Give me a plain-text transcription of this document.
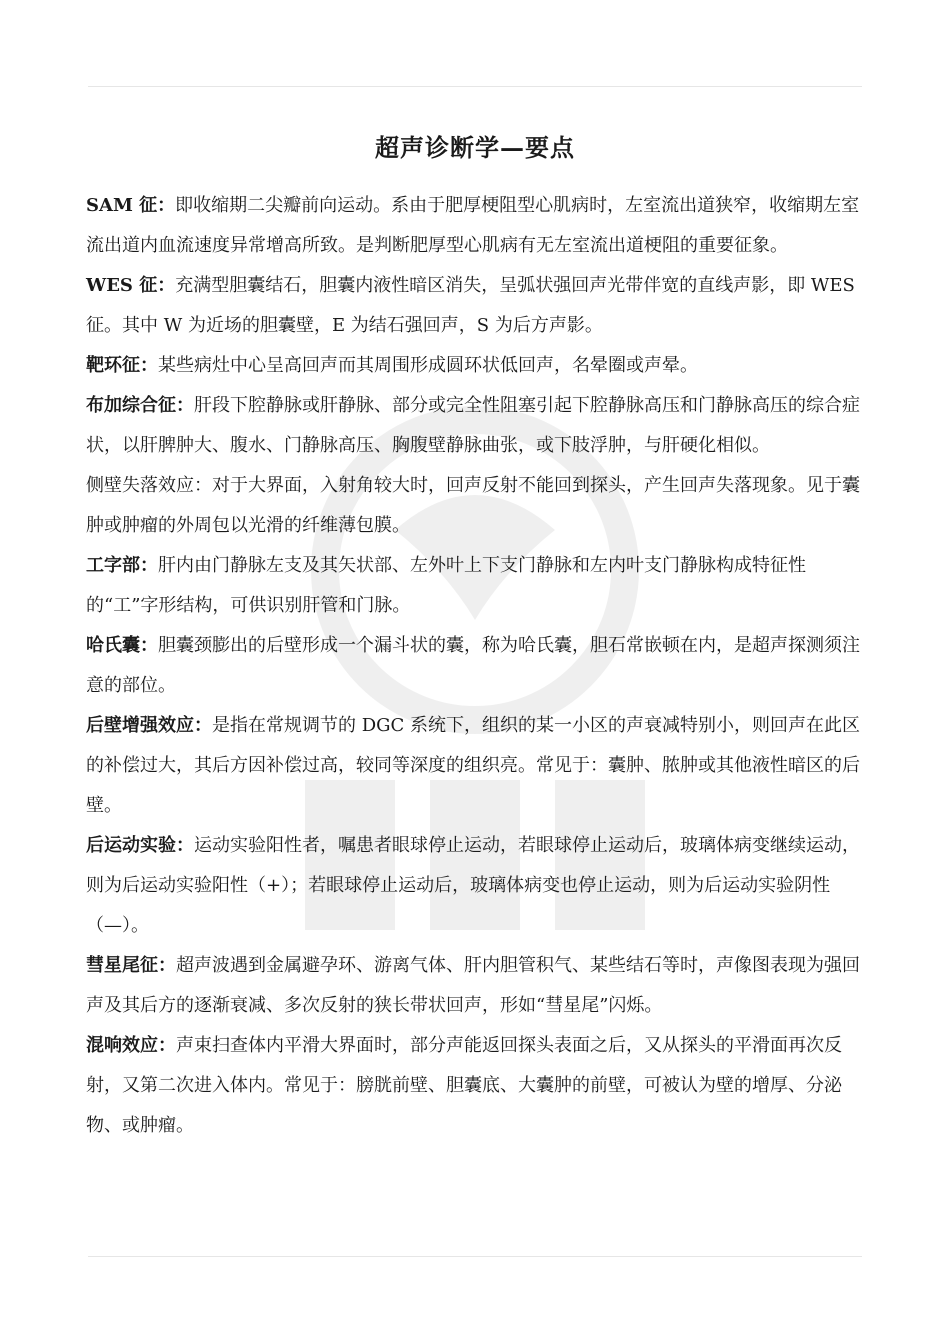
超声诊断学—要点

SAM 征：即收缩期二尖瓣前向运动。系由于肥厚梗阻型心肌病时，左室流出道狭窄，收缩期左室流出道内血流速度异常增高所致。是判断肥厚型心肌病有无左室流出道梗阻的重要征象。

WES 征：充满型胆囊结石，胆囊内液性暗区消失，呈弧状强回声光带伴宽的直线声影，即 WES 征。其中 W 为近场的胆囊壁，E 为结石强回声，S 为后方声影。

靶环征：某些病灶中心呈高回声而其周围形成圆环状低回声，名晕圈或声晕。

布加综合征：肝段下腔静脉或肝静脉、部分或完全性阻塞引起下腔静脉高压和门静脉高压的综合症状，以肝脾肿大、腹水、门静脉高压、胸腹壁静脉曲张，或下肢浮肿，与肝硬化相似。

侧壁失落效应：对于大界面，入射角较大时，回声反射不能回到探头，产生回声失落现象。见于囊肿或肿瘤的外周包以光滑的纤维薄包膜。

工字部：肝内由门静脉左支及其矢状部、左外叶上下支门静脉和左内叶支门静脉构成特征性的“工”字形结构，可供识别肝管和门脉。

哈氏囊：胆囊颈膨出的后壁形成一个漏斗状的囊，称为哈氏囊，胆石常嵌顿在内，是超声探测须注意的部位。

后壁增强效应：是指在常规调节的 DGC 系统下，组织的某一小区的声衰减特别小，则回声在此区的补偿过大，其后方因补偿过高，较同等深度的组织亮。常见于：囊肿、脓肿或其他液性暗区的后壁。

后运动实验：运动实验阳性者，嘱患者眼球停止运动，若眼球停止运动后，玻璃体病变继续运动，则为后运动实验阳性（+）；若眼球停止运动后，玻璃体病变也停止运动，则为后运动实验阴性（—）。

彗星尾征：超声波遇到金属避孕环、游离气体、肝内胆管积气、某些结石等时，声像图表现为强回声及其后方的逐渐衰减、多次反射的狭长带状回声，形如“彗星尾”闪烁。

混响效应：声束扫查体内平滑大界面时，部分声能返回探头表面之后，又从探头的平滑面再次反射，又第二次进入体内。常见于：膀胱前壁、胆囊底、大囊肿的前壁，可被认为壁的增厚、分泌物、或肿瘤。
